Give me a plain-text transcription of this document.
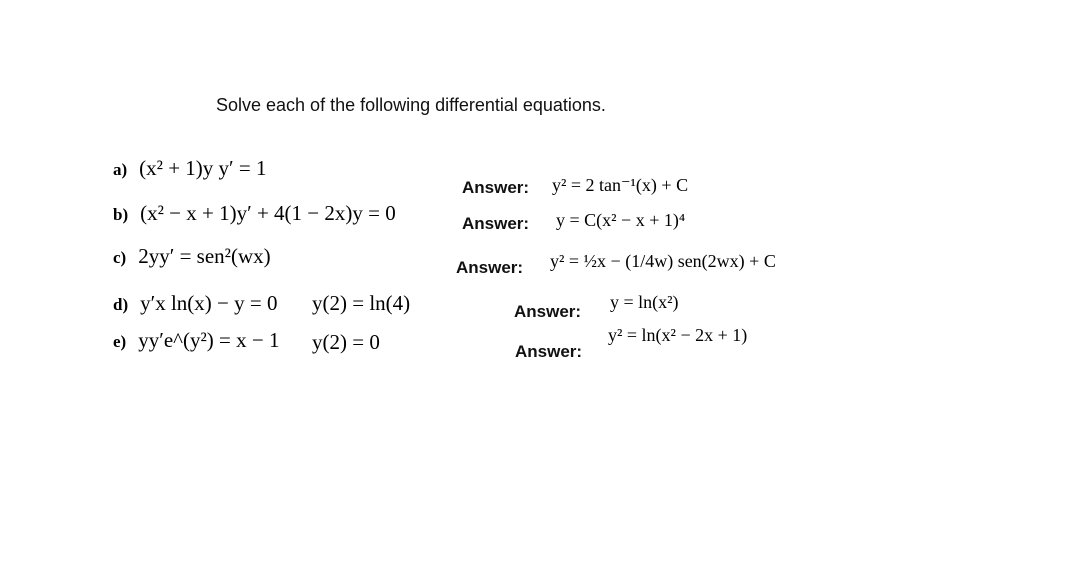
Solve each of the following differential equations.
a) (x² + 1)y y′ = 1
b) (x² − x + 1)y′ + 4(1 − 2x)y = 0
c) 2yy′ = sen²(wx)
d) y′x ln(x) − y = 0 y(2) = ln(4)
e) yy′e^(y²) = x − 1 y(2) = 0
Answer:
Answer:
Answer:
Answer:
Answer:
y² = 2 tan⁻¹(x) + C
y = C(x² − x + 1)⁴
y² = ½x − (1/4w) sen(2wx) + C
y = ln(x²)
y² = ln(x² − 2x + 1)
